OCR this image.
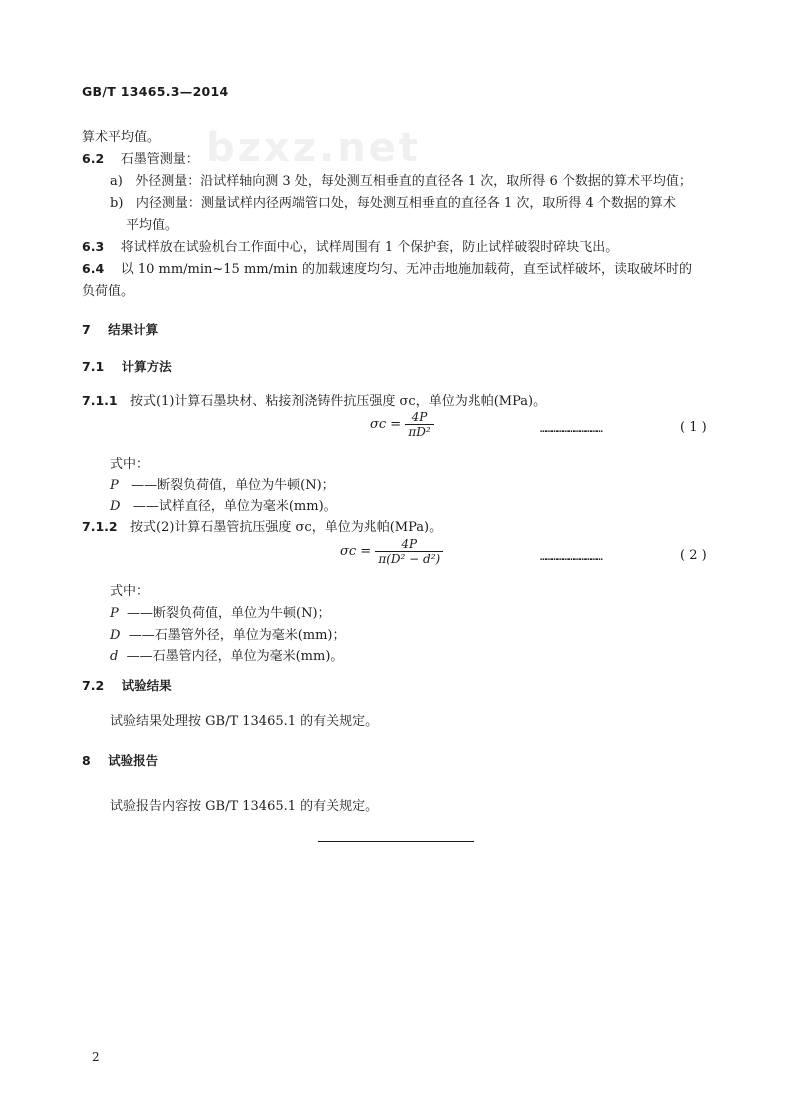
GB/T 13465.3—2014
bzxz.net
算术平均值。
6.2 石墨管测量：
a) 外径测量：沿试样轴向测 3 处，每处测互相垂直的直径各 1 次，取所得 6 个数据的算术平均值；
b) 内径测量：测量试样内径两端管口处，每处测互相垂直的直径各 1 次，取所得 4 个数据的算术
平均值。
6.3 将试样放在试验机台工作面中心，试样周围有 1 个保护套，防止试样破裂时碎块飞出。
6.4 以 10 mm/min~15 mm/min 的加载速度均匀、无冲击地施加载荷，直至试样破坏，读取破坏时的
负荷值。
7 结果计算
7.1 计算方法
7.1.1 按式(1)计算石墨块材、粘接剂浇铸件抗压强度 σc，单位为兆帕(MPa)。
$\sigma c = \frac{4P}{\text{πD²}}$	……………………………	( 1 )
式中：
P ——断裂负荷值，单位为牛顿(N)；
D ——试样直径，单位为毫米(mm)。
7.1.2 按式(2)计算石墨管抗压强度 σc，单位为兆帕(MPa)。
$\sigma c = \frac{4P}{\text{π(D² − d²)}}$	……………………………	( 2 )
式中：
P ——断裂负荷值，单位为牛顿(N)；
D ——石墨管外径，单位为毫米(mm)；
d ——石墨管内径，单位为毫米(mm)。
7.2 试验结果
试验结果处理按 GB/T 13465.1 的有关规定。
8 试验报告
试验报告内容按 GB/T 13465.1 的有关规定。
2
